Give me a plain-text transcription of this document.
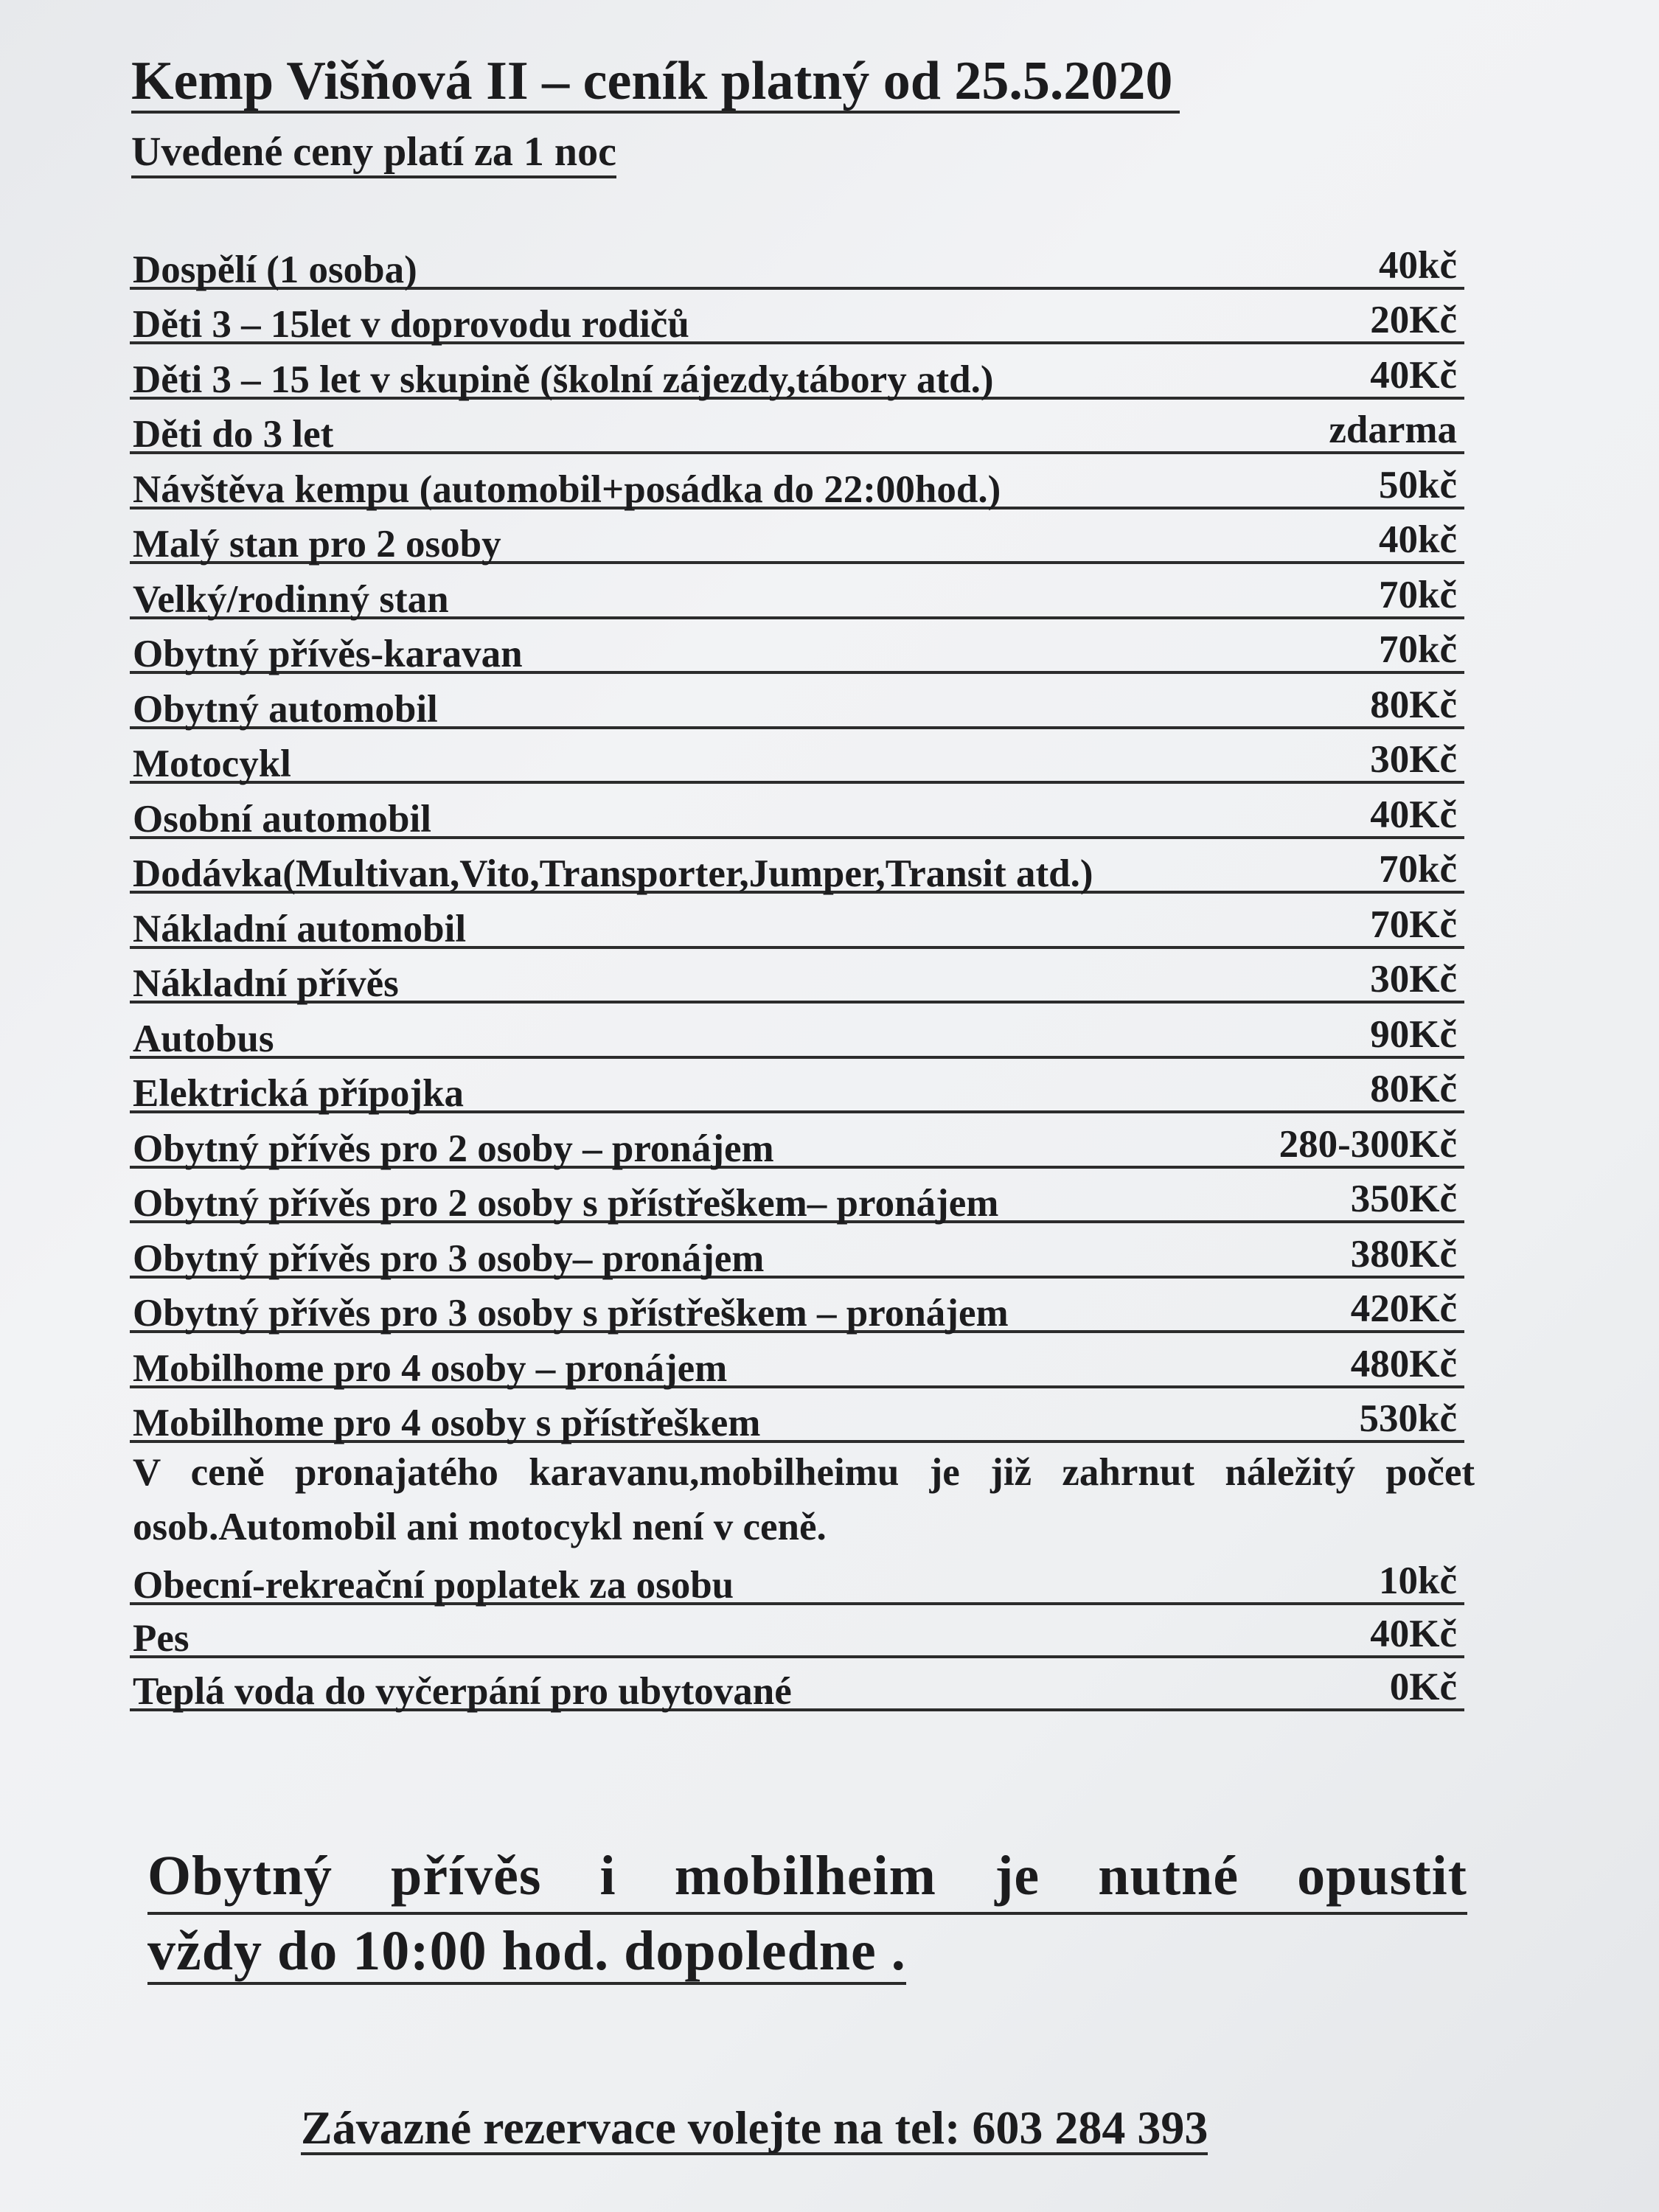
Kemp Višňová II – ceník platný od 25.5.2020
Uvedené ceny platí za 1 noc
Dospělí (1 osoba)	40kč
Děti 3 – 15let v doprovodu rodičů	20Kč
Děti 3 – 15 let v skupině (školní zájezdy,tábory atd.)	40Kč
Děti do 3 let	zdarma
Návštěva kempu (automobil+posádka do 22:00hod.)	50kč
Malý stan pro 2 osoby	40kč
Velký/rodinný stan	70kč
Obytný přívěs-karavan	70kč
Obytný automobil	80Kč
Motocykl	30Kč
Osobní automobil	40Kč
Dodávka(Multivan,Vito,Transporter,Jumper,Transit atd.)	70kč
Nákladní automobil	70Kč
Nákladní přívěs	30Kč
Autobus	90Kč
Elektrická přípojka	80Kč
Obytný přívěs pro 2 osoby – pronájem	280-300Kč
Obytný přívěs pro 2 osoby s přístřeškem– pronájem	350Kč
Obytný přívěs pro 3 osoby– pronájem	380Kč
Obytný přívěs pro 3 osoby s přístřeškem – pronájem	420Kč
Mobilhome pro 4 osoby – pronájem	480Kč
Mobilhome pro 4 osoby s přístřeškem	530kč
V ceně pronajatého karavanu,mobilheimu je již zahrnut náležitý počet osob.Automobil ani motocykl není v ceně.
Obecní-rekreační poplatek za osobu	10kč
Pes	40Kč
Teplá voda do vyčerpání pro ubytované	0Kč
Obytný přívěs i mobilheim je nutné opustit
vždy do 10:00 hod. dopoledne .
Závazné rezervace volejte na tel: 603 284 393
